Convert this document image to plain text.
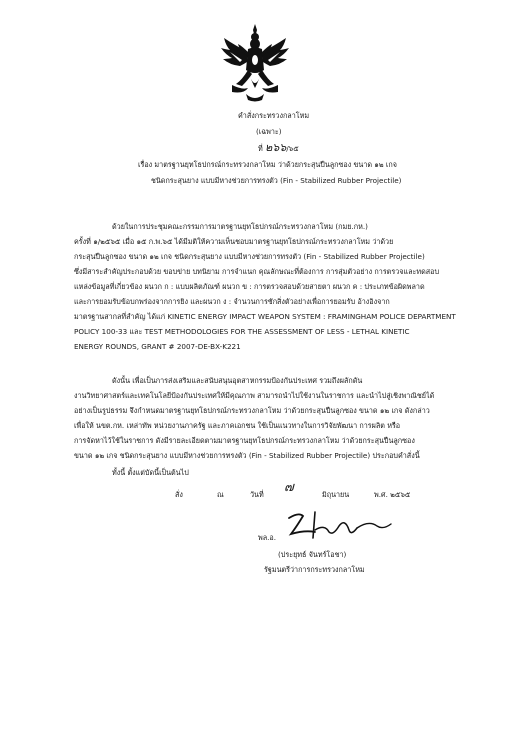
คำสั่งกระทรวงกลาโหม
(เฉพาะ)
ที่ ๒๖๖/๖๕
เรื่อง มาตรฐานยุทโธปกรณ์กระทรวงกลาโหม ว่าด้วยกระสุนปืนลูกซอง ขนาด ๑๒ เกจ
ชนิดกระสุนยาง แบบมีหางช่วยการทรงตัว (Fin - Stabilized Rubber Projectile)
ด้วยในการประชุมคณะกรรมการมาตรฐานยุทโธปกรณ์กระทรวงกลาโหม (กมย.กห.)
ครั้งที่ ๑/๒๕๖๕ เมื่อ ๑๕ ก.พ.๖๕ ได้มีมติให้ความเห็นชอบมาตรฐานยุทโธปกรณ์กระทรวงกลาโหม ว่าด้วย
กระสุนปืนลูกซอง ขนาด ๑๒ เกจ ชนิดกระสุนยาง แบบมีหางช่วยการทรงตัว (Fin - Stabilized Rubber Projectile)
ซึ่งมีสาระสำคัญประกอบด้วย ขอบข่าย บทนิยาม การจำแนก คุณลักษณะที่ต้องการ การสุ่มตัวอย่าง การตรวจและทดสอบ
แหล่งข้อมูลที่เกี่ยวข้อง ผนวก ก : แบบผลิตภัณฑ์ ผนวก ข : การตรวจสอบด้วยสายตา ผนวก ค : ประเภทข้อผิดพลาด
และการยอมรับข้อบกพร่องจากการยิง และผนวก ง : จำนวนการชักสิ่งตัวอย่างเพื่อการยอมรับ อ้างอิงจาก
มาตรฐานสากลที่สำคัญ ได้แก่ KINETIC ENERGY IMPACT WEAPON SYSTEM : FRAMINGHAM POLICE DEPARTMENT
POLICY 100-33 และ TEST METHODOLOGIES FOR THE ASSESSMENT OF LESS - LETHAL KINETIC
ENERGY ROUNDS, GRANT # 2007-DE-BX-K221
ดังนั้น เพื่อเป็นการส่งเสริมและสนับสนุนอุตสาหกรรมป้องกันประเทศ รวมถึงผลักดัน
งานวิทยาศาสตร์และเทคโนโลยีป้องกันประเทศให้มีคุณภาพ สามารถนำไปใช้งานในราชการ และนำไปสู่เชิงพาณิชย์ได้
อย่างเป็นรูปธรรม จึงกำหนดมาตรฐานยุทโธปกรณ์กระทรวงกลาโหม ว่าด้วยกระสุนปืนลูกซอง ขนาด ๑๒ เกจ ดังกล่าว
เพื่อให้ นขต.กห. เหล่าทัพ หน่วยงานภาครัฐ และภาคเอกชน ใช้เป็นแนวทางในการวิจัยพัฒนา การผลิต หรือ
การจัดหาไว้ใช้ในราชการ ดังมีรายละเอียดตามมาตรฐานยุทโธปกรณ์กระทรวงกลาโหม ว่าด้วยกระสุนปืนลูกซอง
ขนาด ๑๒ เกจ ชนิดกระสุนยาง แบบมีหางช่วยการทรงตัว (Fin - Stabilized Rubber Projectile) ประกอบคำสั่งนี้
ทั้งนี้ ตั้งแต่บัดนี้เป็นต้นไป
สั่ง	ณ	วันที่ ๗	มิถุนายน	พ.ศ. ๒๕๖๕
พล.อ.
(ประยุทธ์ จันทร์โอชา)
รัฐมนตรีว่าการกระทรวงกลาโหม
